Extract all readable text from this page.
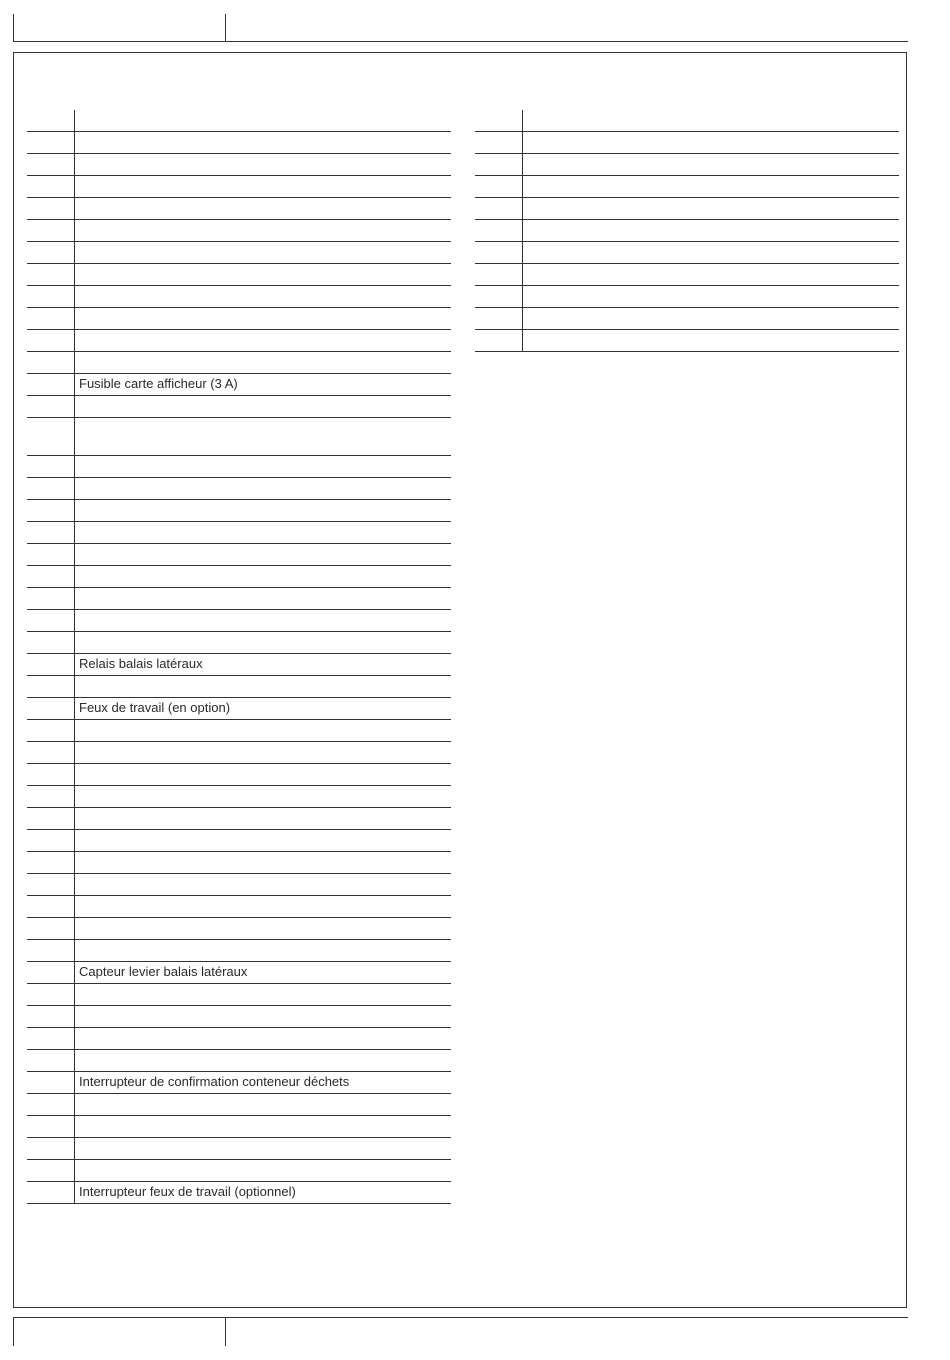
Fusible carte afficheur (3 A)
Relais balais latéraux
Feux de travail (en option)
Capteur levier balais latéraux
Interrupteur de confirmation conteneur déchets
Interrupteur feux de travail (optionnel)
